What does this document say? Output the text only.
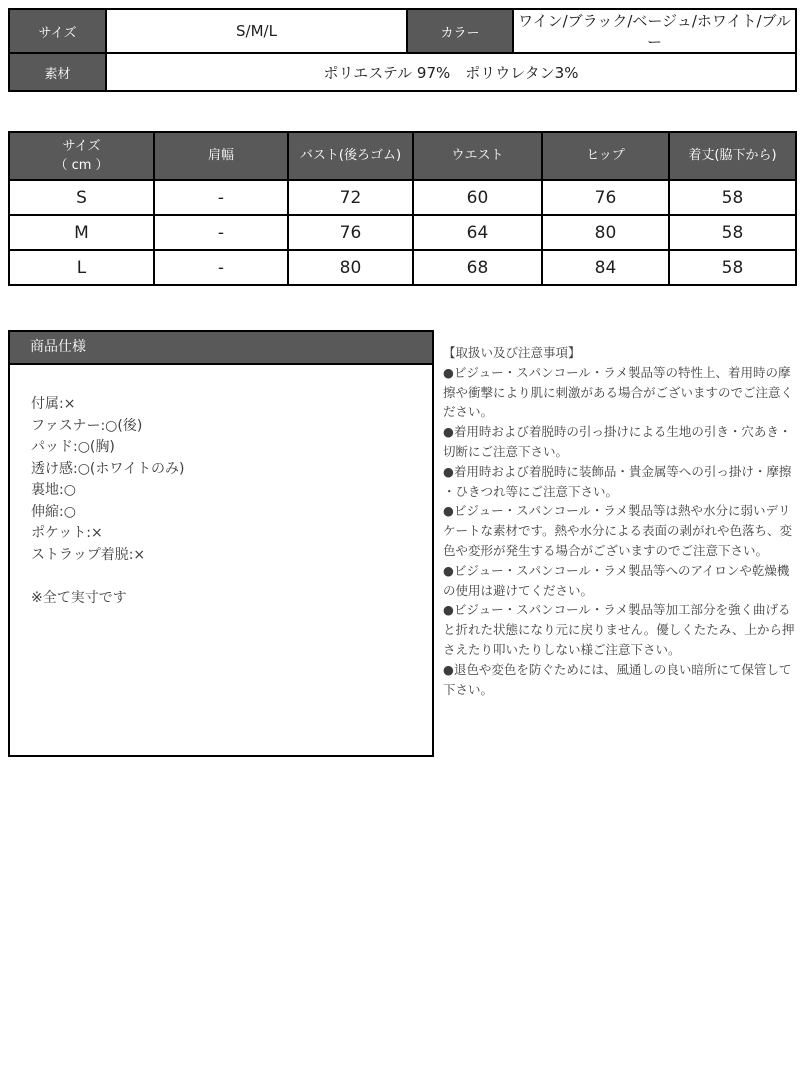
サイズ	S/M/L	カラー	ワイン/ブラック/ベージュ/ホワイト/ブルー
素材	ポリエステル 97%　ポリウレタン3%		
サイズ
（ cm ）	肩幅	バスト(後ろゴム)	ウエスト	ヒップ	着丈(脇下から)
S	-	72	60	76	58
M	-	76	64	80	58
L	-	80	68	84	58
商品仕様
付属:×
ファスナー:○(後)
パッド:○(胸)
透け感:○(ホワイトのみ)
裏地:○
伸縮:○
ポケット:×
ストラップ着脱:×
※全て実寸です

【取扱い及び注意事項】

●ビジュー・スパンコール・ラメ製品等の特性上、着用時の摩擦や衝撃により肌に刺激がある場合がございますのでご注意ください。

●着用時および着脱時の引っ掛けによる生地の引き・穴あき・切断にご注意下さい。

●着用時および着脱時に装飾品・貴金属等への引っ掛け・摩擦・ひきつれ等にご注意下さい。

●ビジュー・スパンコール・ラメ製品等は熱や水分に弱いデリケートな素材です。熱や水分による表面の剥がれや色落ち、変色や変形が発生する場合がございますのでご注意下さい。

●ビジュー・スパンコール・ラメ製品等へのアイロンや乾燥機の使用は避けてください。

●ビジュー・スパンコール・ラメ製品等加工部分を強く曲げると折れた状態になり元に戻りません。優しくたたみ、上から押さえたり叩いたりしない様ご注意下さい。

●退色や変色を防ぐためには、風通しの良い暗所にて保管して下さい。
